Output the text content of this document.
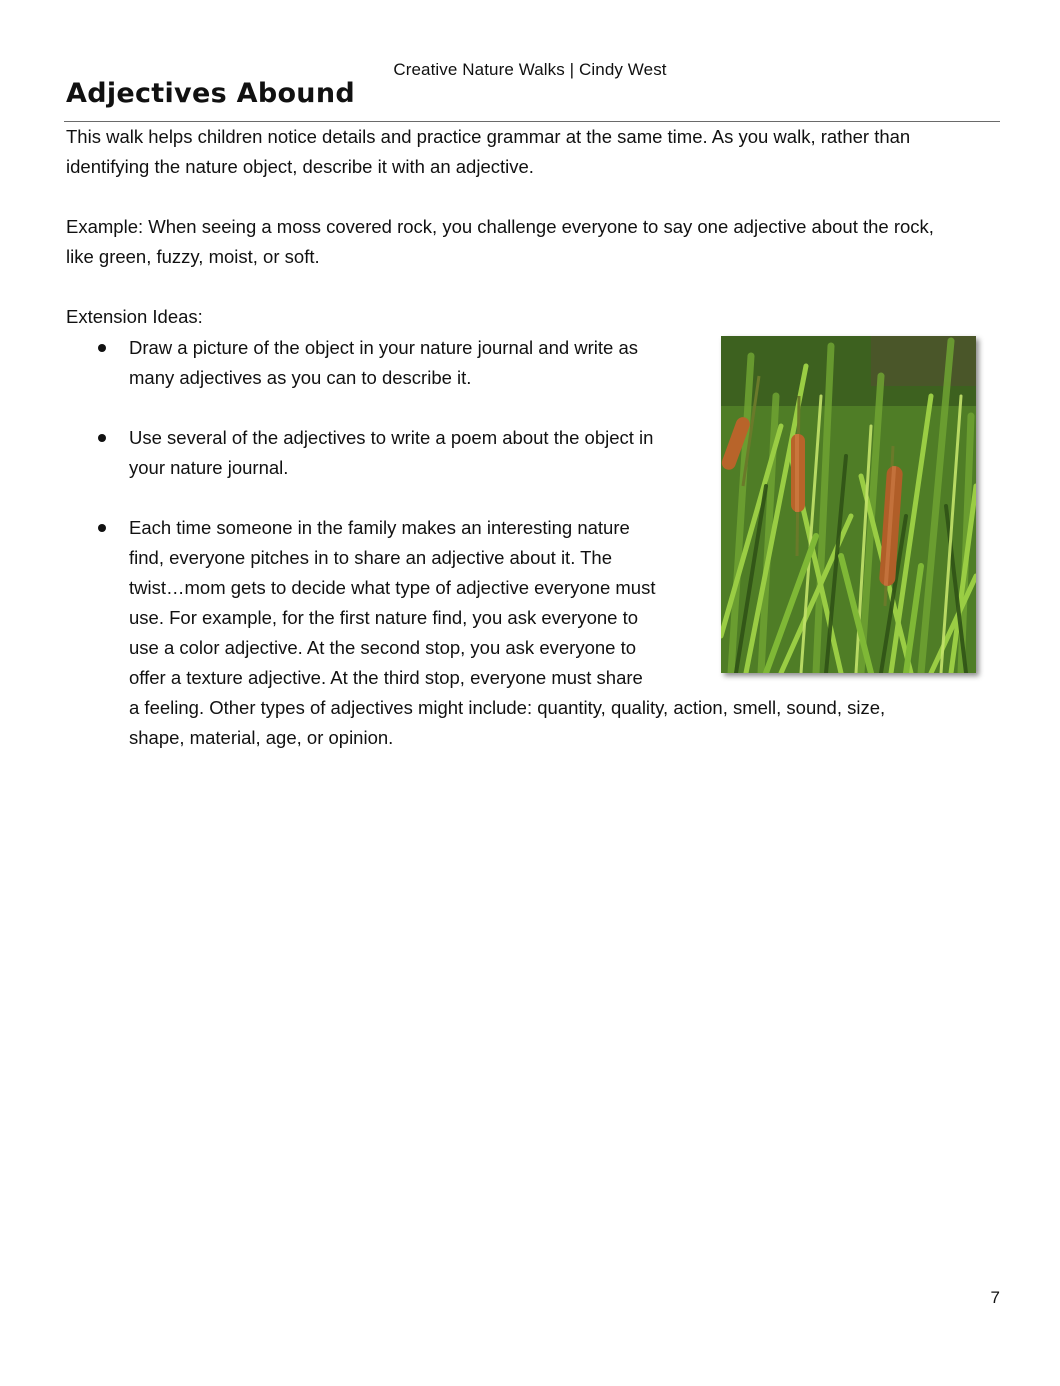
Creative Nature Walks | Cindy West
Adjectives Abound

This walk helps children notice details and practice grammar at the same time. As you walk, rather than
identifying the nature object, describe it with an adjective.

Example: When seeing a moss covered rock, you challenge everyone to say one adjective about the rock,
like green, fuzzy, moist, or soft.

Extension Ideas:

Draw a picture of the object in your nature journal and write as
many adjectives as you can to describe it.
Use several of the adjectives to write a poem about the object in
your nature journal.
Each time someone in the family makes an interesting nature
find, everyone pitches in to share an adjective about it. The
twist…mom gets to decide what type of adjective everyone must
use. For example, for the first nature find, you ask everyone to
use a color adjective. At the second stop, you ask everyone to
offer a texture adjective. At the third stop, everyone must share
a feeling. Other types of adjectives might include: quantity, quality, action, smell, sound, size,
shape, material, age, or opinion.
7
